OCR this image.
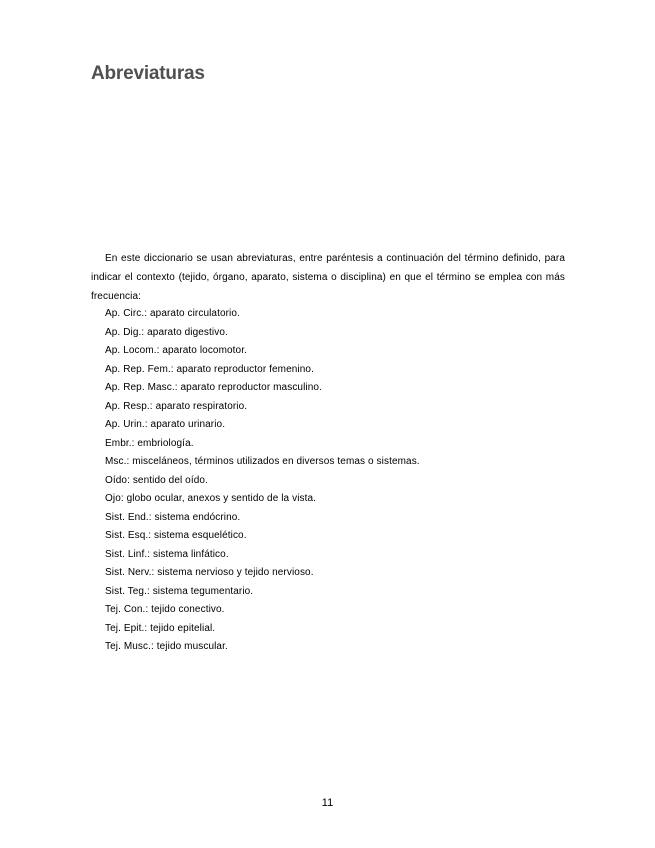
Abreviaturas

En este diccionario se usan abreviaturas, entre paréntesis a continuación del término definido, para indicar el contexto (tejido, órgano, aparato, sistema o disciplina) en que el término se emplea con más frecuencia:

Ap. Circ.: aparato circulatorio.
Ap. Dig.: aparato digestivo.
Ap. Locom.: aparato locomotor.
Ap. Rep. Fem.: aparato reproductor femenino.
Ap. Rep. Masc.: aparato reproductor masculino.
Ap. Resp.: aparato respiratorio.
Ap. Urin.: aparato urinario.
Embr.: embriología.
Msc.: misceláneos, términos utilizados en diversos temas o sistemas.
Oído: sentido del oído.
Ojo: globo ocular, anexos y sentido de la vista.
Sist. End.: sistema endócrino.
Sist. Esq.: sistema esquelético.
Sist. Linf.: sistema linfático.
Sist. Nerv.: sistema nervioso y tejido nervioso.
Sist. Teg.: sistema tegumentario.
Tej. Con.: tejido conectivo.
Tej. Epit.: tejido epitelial.
Tej. Musc.: tejido muscular.
11
